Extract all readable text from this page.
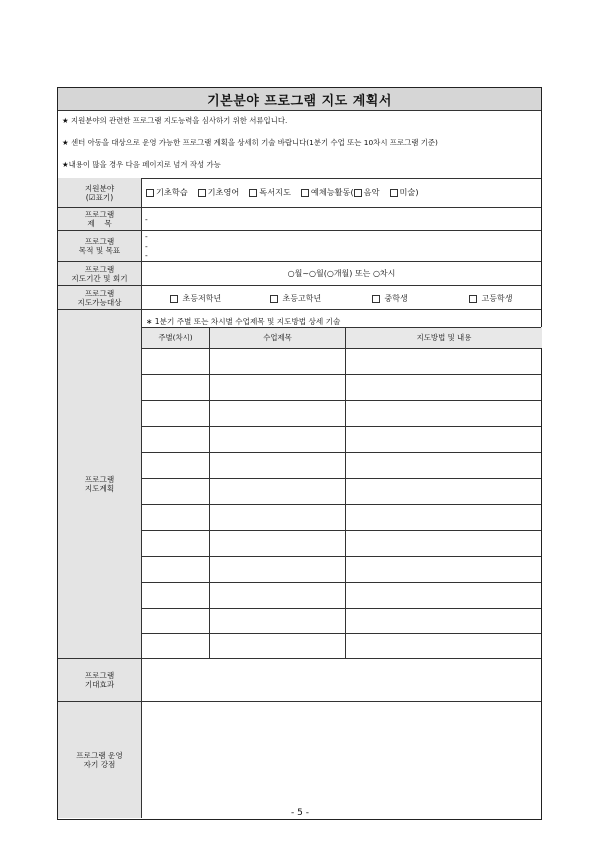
기본분야 프로그램 지도 계획서
★ 지원분야의 관련한 프로그램 지도능력을 심사하기 위한 서류입니다.
★ 센터 아동을 대상으로 운영 가능한 프로그램 계획을 상세히 기술 바랍니다(1분기 수업 또는 10차시 프로그램 기준)
★내용이 많을 경우 다음 페이지로 넘겨 작성 가능
지원분야
(☑표기)	기초학습 기초영어 독서지도 예체능활동( 음악 미술)
프로그램
제    목	-
프로그램
목적 및 목표
-
-
-
프로그램
지도기간 및 회기	○월~○월(○개월) 또는 ○차시
프로그램
지도가능대상	초등저학년	초등고학년	중학생	고등학생
프로그램
지도계획
∗ 1분기 주별 또는 차시별 수업제목 및 지도방법 상세 기술
주별(차시)	수업제목	지도방법 및 내용
프로그램
기대효과
프로그램 운영
자기 강점
- 5 -
